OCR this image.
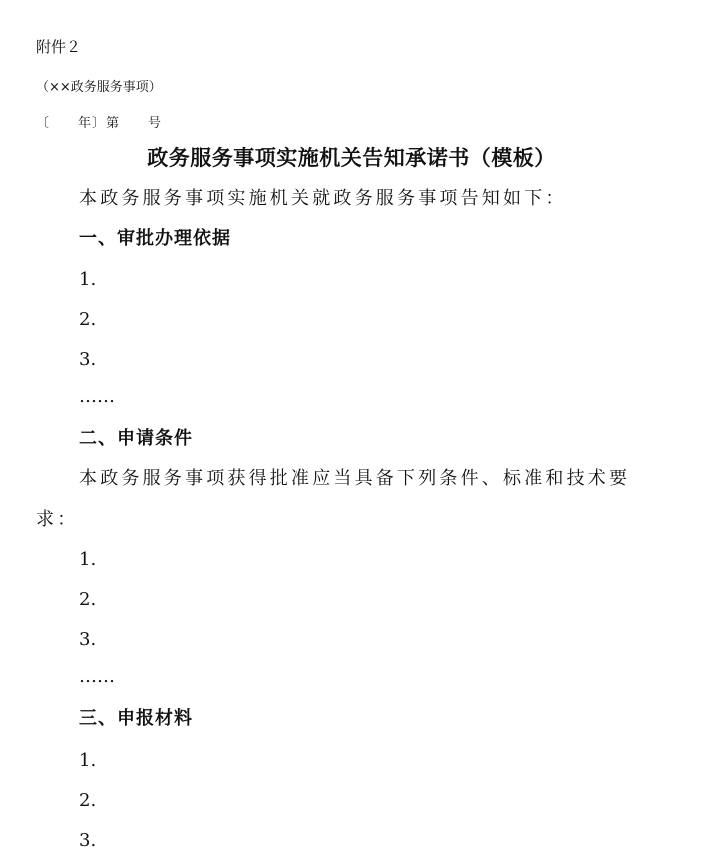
附件２
（××政务服务事项）
〔　　年〕第　　号
政务服务事项实施机关告知承诺书（模板）
本政务服务事项实施机关就政务服务事项告知如下：
一、审批办理依据
1.
2.
3.
……
二、申请条件
本政务服务事项获得批准应当具备下列条件、标准和技术要
求：
1.
2.
3.
……
三、申报材料
1.
2.
3.
